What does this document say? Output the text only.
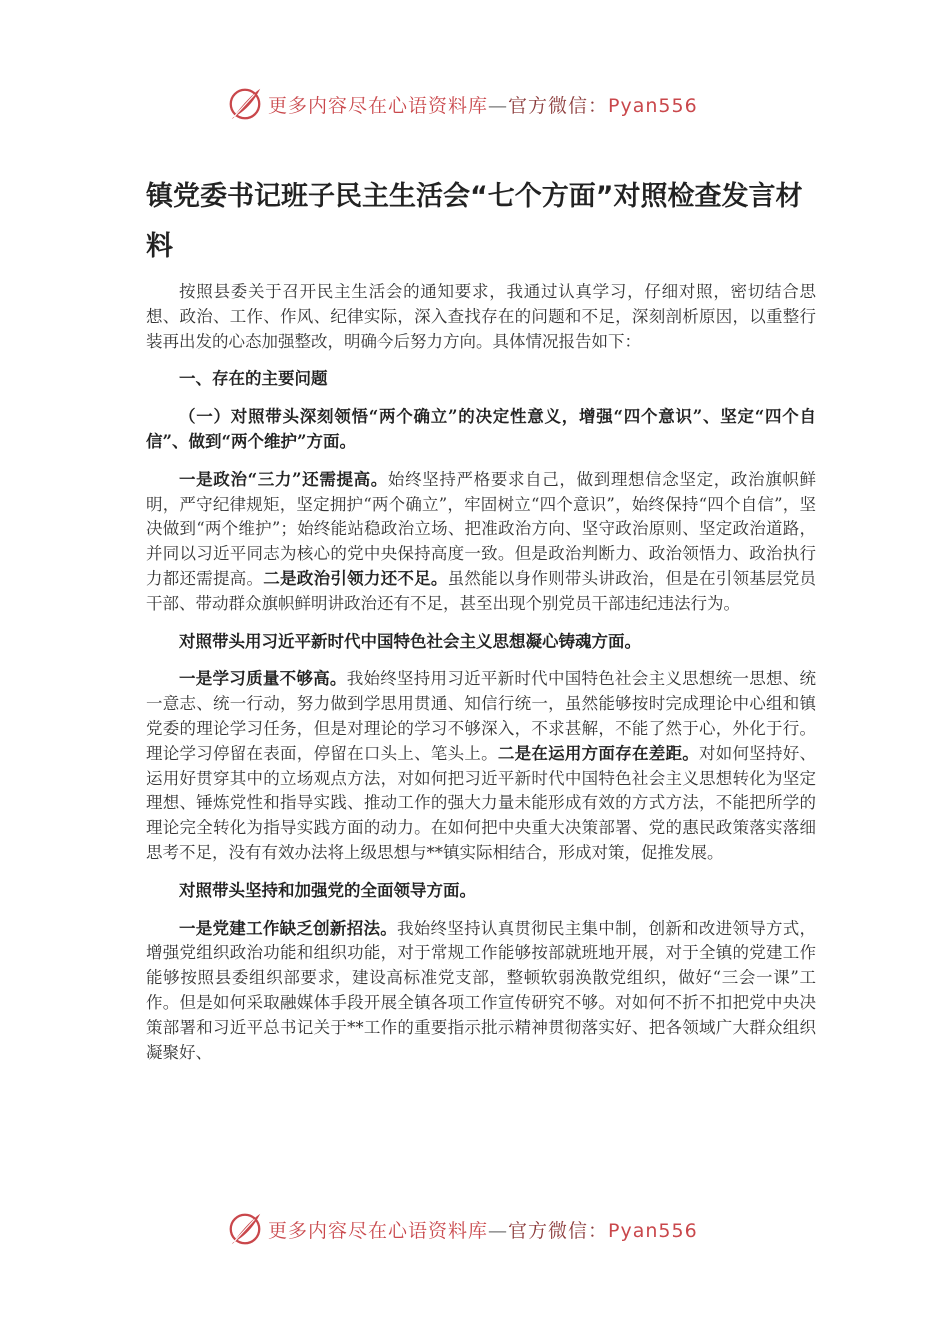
更多内容尽在心语资料库—官方微信：Pyan556
镇党委书记班子民主生活会“七个方面”对照检查发言材料

按照县委关于召开民主生活会的通知要求，我通过认真学习，仔细对照，密切结合思想、政治、工作、作风、纪律实际，深入查找存在的问题和不足，深刻剖析原因，以重整行装再出发的心态加强整改，明确今后努力方向。具体情况报告如下：

一、存在的主要问题

（一）对照带头深刻领悟“两个确立”的决定性意义，增强“四个意识”、坚定“四个自信”、做到“两个维护”方面。

一是政治“三力”还需提高。始终坚持严格要求自己，做到理想信念坚定，政治旗帜鲜明，严守纪律规矩，坚定拥护“两个确立”，牢固树立“四个意识”，始终保持“四个自信”，坚决做到“两个维护”；始终能站稳政治立场、把准政治方向、坚守政治原则、坚定政治道路，并同以习近平同志为核心的党中央保持高度一致。但是政治判断力、政治领悟力、政治执行力都还需提高。二是政治引领力还不足。虽然能以身作则带头讲政治，但是在引领基层党员干部、带动群众旗帜鲜明讲政治还有不足，甚至出现个别党员干部违纪违法行为。

对照带头用习近平新时代中国特色社会主义思想凝心铸魂方面。

一是学习质量不够高。我始终坚持用习近平新时代中国特色社会主义思想统一思想、统一意志、统一行动，努力做到学思用贯通、知信行统一，虽然能够按时完成理论中心组和镇党委的理论学习任务，但是对理论的学习不够深入，不求甚解，不能了然于心，外化于行。理论学习停留在表面，停留在口头上、笔头上。二是在运用方面存在差距。对如何坚持好、运用好贯穿其中的立场观点方法，对如何把习近平新时代中国特色社会主义思想转化为坚定理想、锤炼党性和指导实践、推动工作的强大力量未能形成有效的方式方法，不能把所学的理论完全转化为指导实践方面的动力。在如何把中央重大决策部署、党的惠民政策落实落细思考不足，没有有效办法将上级思想与**镇实际相结合，形成对策，促推发展。

对照带头坚持和加强党的全面领导方面。

一是党建工作缺乏创新招法。我始终坚持认真贯彻民主集中制，创新和改进领导方式，增强党组织政治功能和组织功能，对于常规工作能够按部就班地开展，对于全镇的党建工作能够按照县委组织部要求，建设高标准党支部，整顿软弱涣散党组织，做好“三会一课”工作。但是如何采取融媒体手段开展全镇各项工作宣传研究不够。对如何不折不扣把党中央决策部署和习近平总书记关于**工作的重要指示批示精神贯彻落实好、把各领域广大群众组织凝聚好、

更多内容尽在心语资料库—官方微信：Pyan556
